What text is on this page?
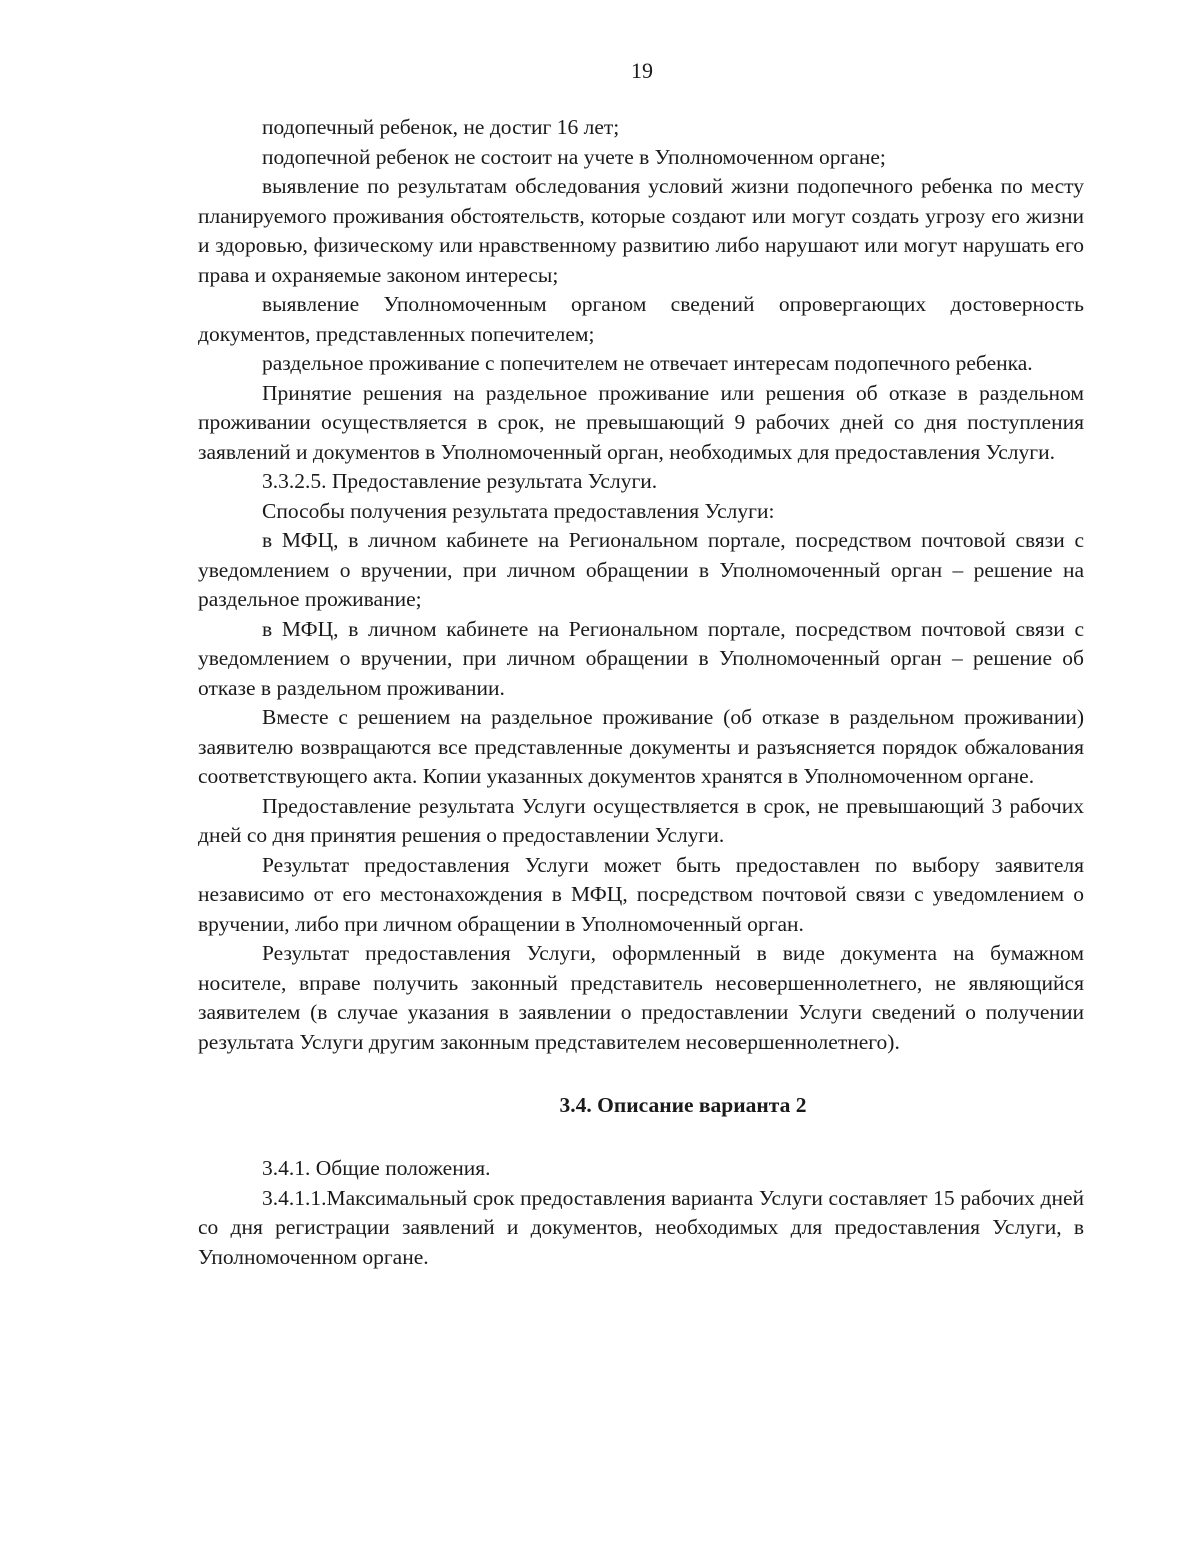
19

подопечный ребенок, не достиг 16 лет;

подопечной ребенок не состоит на учете в Уполномоченном органе;

выявление по результатам обследования условий жизни подопечного ребенка по месту планируемого проживания обстоятельств, которые создают или могут создать угрозу его жизни и здоровью, физическому или нравственному развитию либо нарушают или могут нарушать его права и охраняемые законом интересы;

выявление Уполномоченным органом сведений опровергающих достоверность документов, представленных попечителем;

раздельное проживание с попечителем не отвечает интересам подопечного ребенка.

Принятие решения на раздельное проживание или решения об отказе в раздельном проживании осуществляется в срок, не превышающий 9 рабочих дней со дня поступления заявлений и документов в Уполномоченный орган, необходимых для предоставления Услуги.

3.3.2.5. Предоставление результата Услуги.

Способы получения результата предоставления Услуги:

в МФЦ, в личном кабинете на Региональном портале, посредством почтовой связи с уведомлением о вручении, при личном обращении в Уполномоченный орган – решение на раздельное проживание;

в МФЦ, в личном кабинете на Региональном портале, посредством почтовой связи с уведомлением о вручении, при личном обращении в Уполномоченный орган – решение об отказе в раздельном проживании.

Вместе с решением на раздельное проживание (об отказе в раздельном проживании) заявителю возвращаются все представленные документы и разъясняется порядок обжалования соответствующего акта. Копии указанных документов хранятся в Уполномоченном органе.

Предоставление результата Услуги осуществляется в срок, не превышающий 3 рабочих дней со дня принятия решения о предоставлении Услуги.

Результат предоставления Услуги может быть предоставлен по выбору заявителя независимо от его местонахождения в МФЦ, посредством почтовой связи с уведомлением о вручении, либо при личном обращении в Уполномоченный орган.

Результат предоставления Услуги, оформленный в виде документа на бумажном носителе, вправе получить законный представитель несовершеннолетнего, не являющийся заявителем (в случае указания в заявлении о предоставлении Услуги сведений о получении результата Услуги другим законным представителем несовершеннолетнего).

3.4. Описание варианта 2

3.4.1. Общие положения.

3.4.1.1.Максимальный срок предоставления варианта Услуги составляет 15 рабочих дней со дня регистрации заявлений и документов, необходимых для предоставления Услуги, в Уполномоченном органе.
